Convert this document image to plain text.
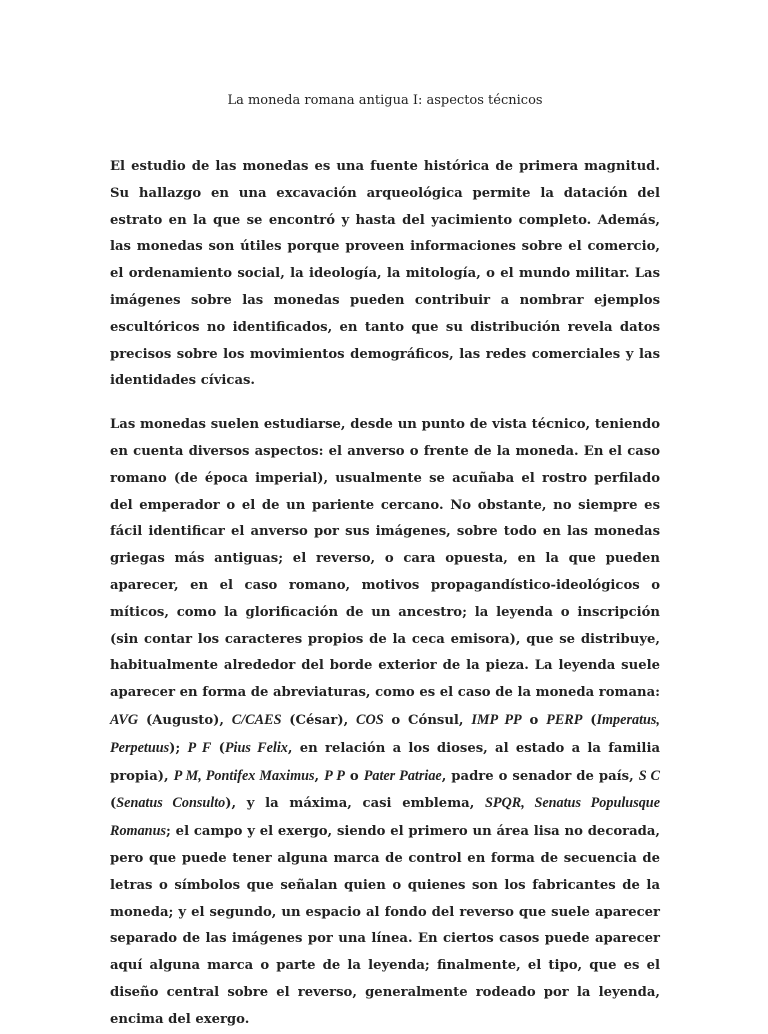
La moneda romana antigua I: aspectos técnicos

El estudio de las monedas es una fuente histórica de primera magnitud. Su hallazgo en una excavación arqueológica permite la datación del estrato en la que se encontró y hasta del yacimiento completo. Además, las monedas son útiles porque proveen informaciones sobre el comercio, el ordenamiento social, la ideología, la mitología, o el mundo militar. Las imágenes sobre las monedas pueden contribuir a nombrar ejemplos escultóricos no identificados, en tanto que su distribución revela datos precisos sobre los movimientos demográficos, las redes comerciales y las identidades cívicas.

Las monedas suelen estudiarse, desde un punto de vista técnico, teniendo en cuenta diversos aspectos: el anverso o frente de la moneda. En el caso romano (de época imperial), usualmente se acuñaba el rostro perfilado del emperador o el de un pariente cercano. No obstante, no siempre es fácil identificar el anverso por sus imágenes, sobre todo en las monedas griegas más antiguas; el reverso, o cara opuesta, en la que pueden aparecer, en el caso romano, motivos propagandístico-ideológicos o míticos, como la glorificación de un ancestro; la leyenda o inscripción (sin contar los caracteres propios de la ceca emisora), que se distribuye, habitualmente alrededor del borde exterior de la pieza. La leyenda suele aparecer en forma de abreviaturas, como es el caso de la moneda romana: AVG (Augusto), C/CAES (César), COS o Cónsul, IMP PP o PERP (Imperatus, Perpetuus); P F (Pius Felix, en relación a los dioses, al estado a la familia propia), P M, Pontifex Maximus, P P o Pater Patriae, padre o senador de país, S C (Senatus Consulto), y la máxima, casi emblema, SPQR, Senatus Populusque Romanus; el campo y el exergo, siendo el primero un área lisa no decorada, pero que puede tener alguna marca de control en forma de secuencia de letras o símbolos que señalan quien o quienes son los fabricantes de la moneda; y el segundo, un espacio al fondo del reverso que suele aparecer separado de las imágenes por una línea. En ciertos casos puede aparecer aquí alguna marca o parte de la leyenda; finalmente, el tipo, que es el diseño central sobre el reverso, generalmente rodeado por la leyenda, encima del exergo.
